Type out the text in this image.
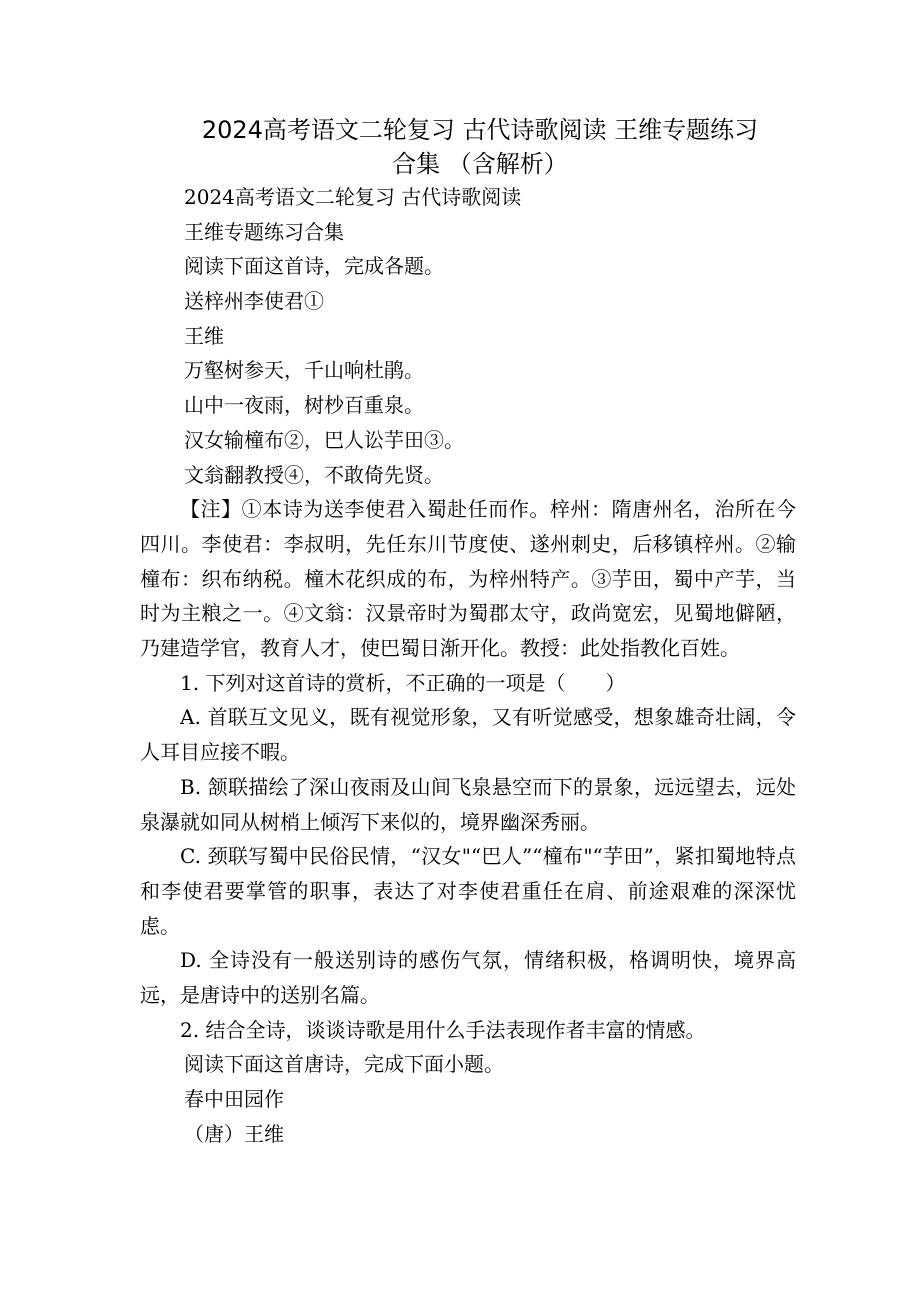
2024高考语文二轮复习 古代诗歌阅读 王维专题练习
合集 （含解析）

2024高考语文二轮复习 古代诗歌阅读

王维专题练习合集

阅读下面这首诗，完成各题。

送梓州李使君①

王维

万壑树参天，千山响杜鹃。

山中一夜雨，树杪百重泉。

汉女输橦布②，巴人讼芋田③。

文翁翻教授④，不敢倚先贤。

【注】①本诗为送李使君入蜀赴任而作。梓州：隋唐州名，治所在今四川。李使君：李叔明，先任东川节度使、遂州刺史，后移镇梓州。②输橦布：织布纳税。橦木花织成的布，为梓州特产。③芋田，蜀中产芋，当时为主粮之一。④文翁：汉景帝时为蜀郡太守，政尚宽宏，见蜀地僻陋，乃建造学官，教育人才，使巴蜀日渐开化。教授：此处指教化百姓。

1. 下列对这首诗的赏析，不正确的一项是（　　）

A. 首联互文见义，既有视觉形象，又有听觉感受，想象雄奇壮阔，令人耳目应接不暇。

B. 颔联描绘了深山夜雨及山间飞泉悬空而下的景象，远远望去，远处泉瀑就如同从树梢上倾泻下来似的，境界幽深秀丽。

C. 颈联写蜀中民俗民情，“汉女"“巴人”“橦布"“芋田”，紧扣蜀地特点和李使君要掌管的职事，表达了对李使君重任在肩、前途艰难的深深忧虑。

D. 全诗没有一般送别诗的感伤气氛，情绪积极，格调明快，境界高远，是唐诗中的送别名篇。

2. 结合全诗，谈谈诗歌是用什么手法表现作者丰富的情感。

阅读下面这首唐诗，完成下面小题。

春中田园作

（唐）王维
